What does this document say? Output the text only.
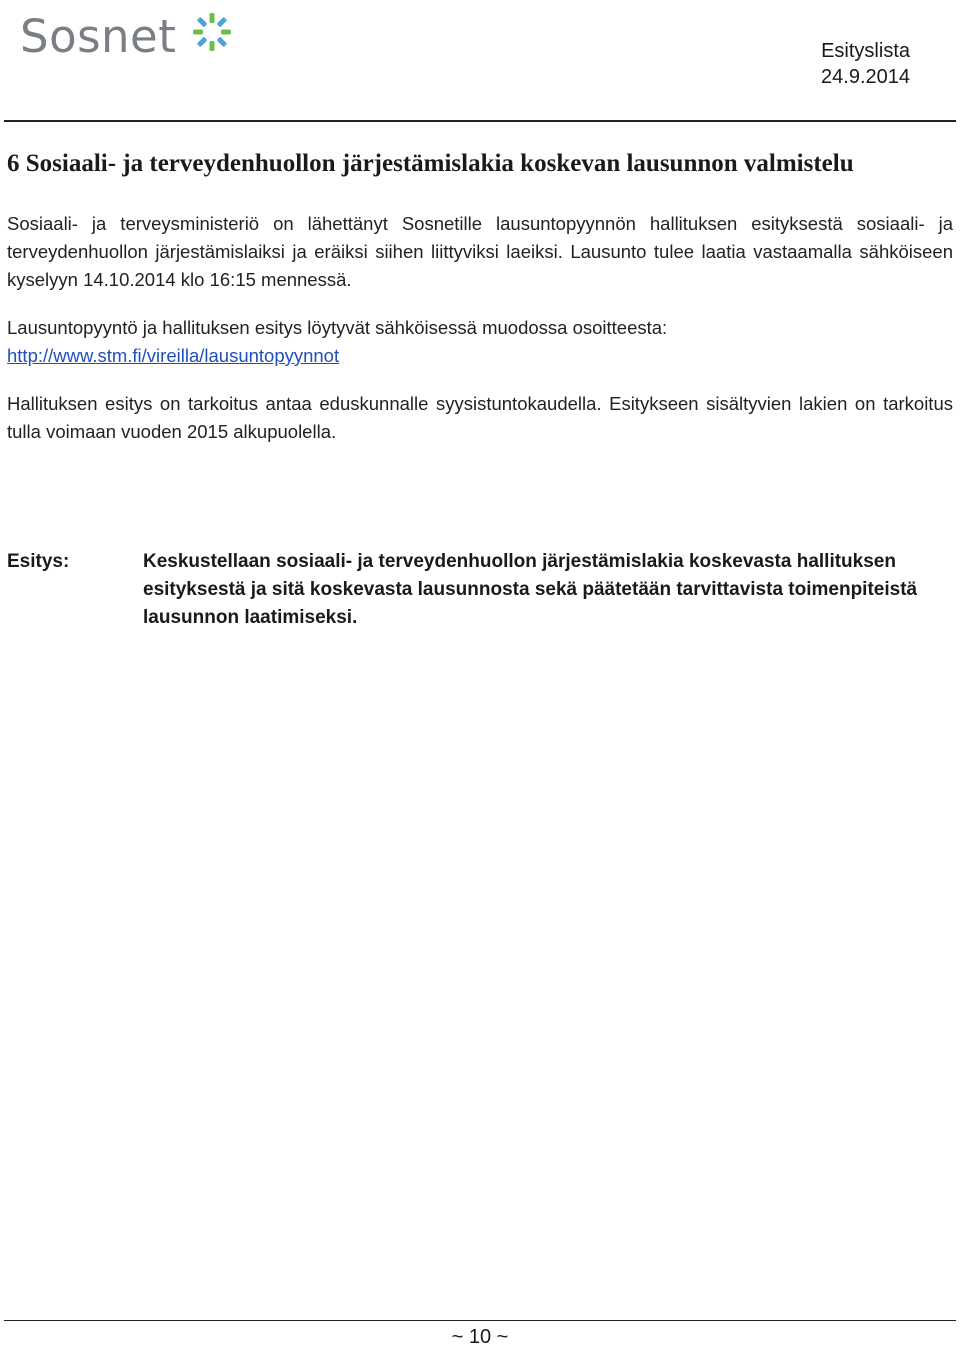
Sosnet	Esityslista
24.9.2014
6 Sosiaali- ja terveydenhuollon järjestämislakia koskevan lausunnon valmistelu

Sosiaali- ja terveysministeriö on lähettänyt Sosnetille lausuntopyynnön hallituksen esityksestä sosiaali- ja terveydenhuollon järjestämislaiksi ja eräiksi siihen liittyviksi laeiksi. Lausunto tulee laatia vastaamalla sähköiseen kyselyyn 14.10.2014 klo 16:15 mennessä.

Lausuntopyyntö ja hallituksen esitys löytyvät sähköisessä muodossa osoitteesta:
http://www.stm.fi/vireilla/lausuntopyynnot

Hallituksen esitys on tarkoitus antaa eduskunnalle syysistuntokaudella. Esitykseen sisältyvien lakien on tarkoitus tulla voimaan vuoden 2015 alkupuolella.

Esitys:	Keskustellaan sosiaali- ja terveydenhuollon järjestämislakia koskevasta hallituksen esityksestä ja sitä koskevasta lausunnosta sekä päätetään tarvittavista toimenpiteistä lausunnon laatimiseksi.
~ 10 ~
